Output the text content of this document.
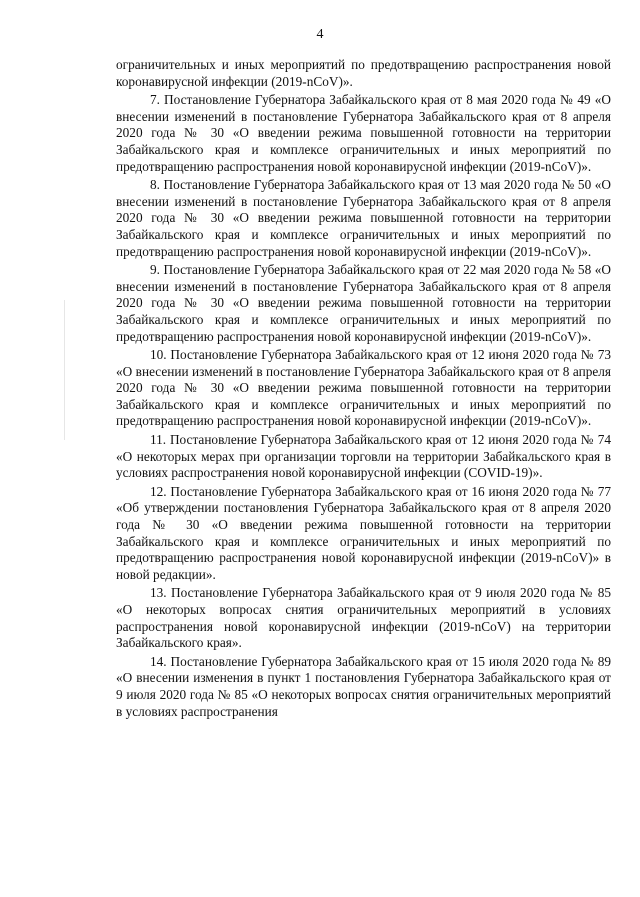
4

ограничительных и иных мероприятий по предотвращению распространения новой коронавирусной инфекции (2019-nCoV)».

7. Постановление Губернатора Забайкальского края от 8 мая 2020 года № 49 «О внесении изменений в постановление Губернатора Забайкальского края от 8 апреля 2020 года № 30 «О введении режима повышенной готовности на территории Забайкальского края и комплексе ограничительных и иных мероприятий по предотвращению распространения новой коронавирусной инфекции (2019-nCoV)».

8. Постановление Губернатора Забайкальского края от 13 мая 2020 года № 50 «О внесении изменений в постановление Губернатора Забайкальского края от 8 апреля 2020 года № 30 «О введении режима повышенной готовности на территории Забайкальского края и комплексе ограничительных и иных мероприятий по предотвращению распространения новой коронавирусной инфекции (2019-nCoV)».

9. Постановление Губернатора Забайкальского края от 22 мая 2020 года № 58 «О внесении изменений в постановление Губернатора Забайкальского края от 8 апреля 2020 года № 30 «О введении режима повышенной готовности на территории Забайкальского края и комплексе ограничительных и иных мероприятий по предотвращению распространения новой коронавирусной инфекции (2019-nCoV)».

10. Постановление Губернатора Забайкальского края от 12 июня 2020 года № 73 «О внесении изменений в постановление Губернатора Забайкальского края от 8 апреля 2020 года № 30 «О введении режима повышенной готовности на территории Забайкальского края и комплексе ограничительных и иных мероприятий по предотвращению распространения новой коронавирусной инфекции (2019-nCoV)».

11. Постановление Губернатора Забайкальского края от 12 июня 2020 года № 74 «О некоторых мерах при организации торговли на территории Забайкальского края в условиях распространения новой коронавирусной инфекции (COVID-19)».

12. Постановление Губернатора Забайкальского края от 16 июня 2020 года № 77 «Об утверждении постановления Губернатора Забайкальского края от 8 апреля 2020 года № 30 «О введении режима повышенной готовности на территории Забайкальского края и комплексе ограничительных и иных мероприятий по предотвращению распространения новой коронавирусной инфекции (2019-nCoV)» в новой редакции».

13. Постановление Губернатора Забайкальского края от 9 июля 2020 года № 85 «О некоторых вопросах снятия ограничительных мероприятий в условиях распространения новой коронавирусной инфекции (2019-nCoV) на территории Забайкальского края».

14. Постановление Губернатора Забайкальского края от 15 июля 2020 года № 89 «О внесении изменения в пункт 1 постановления Губернатора Забайкальского края от 9 июля 2020 года № 85 «О некоторых вопросах снятия ограничительных мероприятий в условиях распространения
